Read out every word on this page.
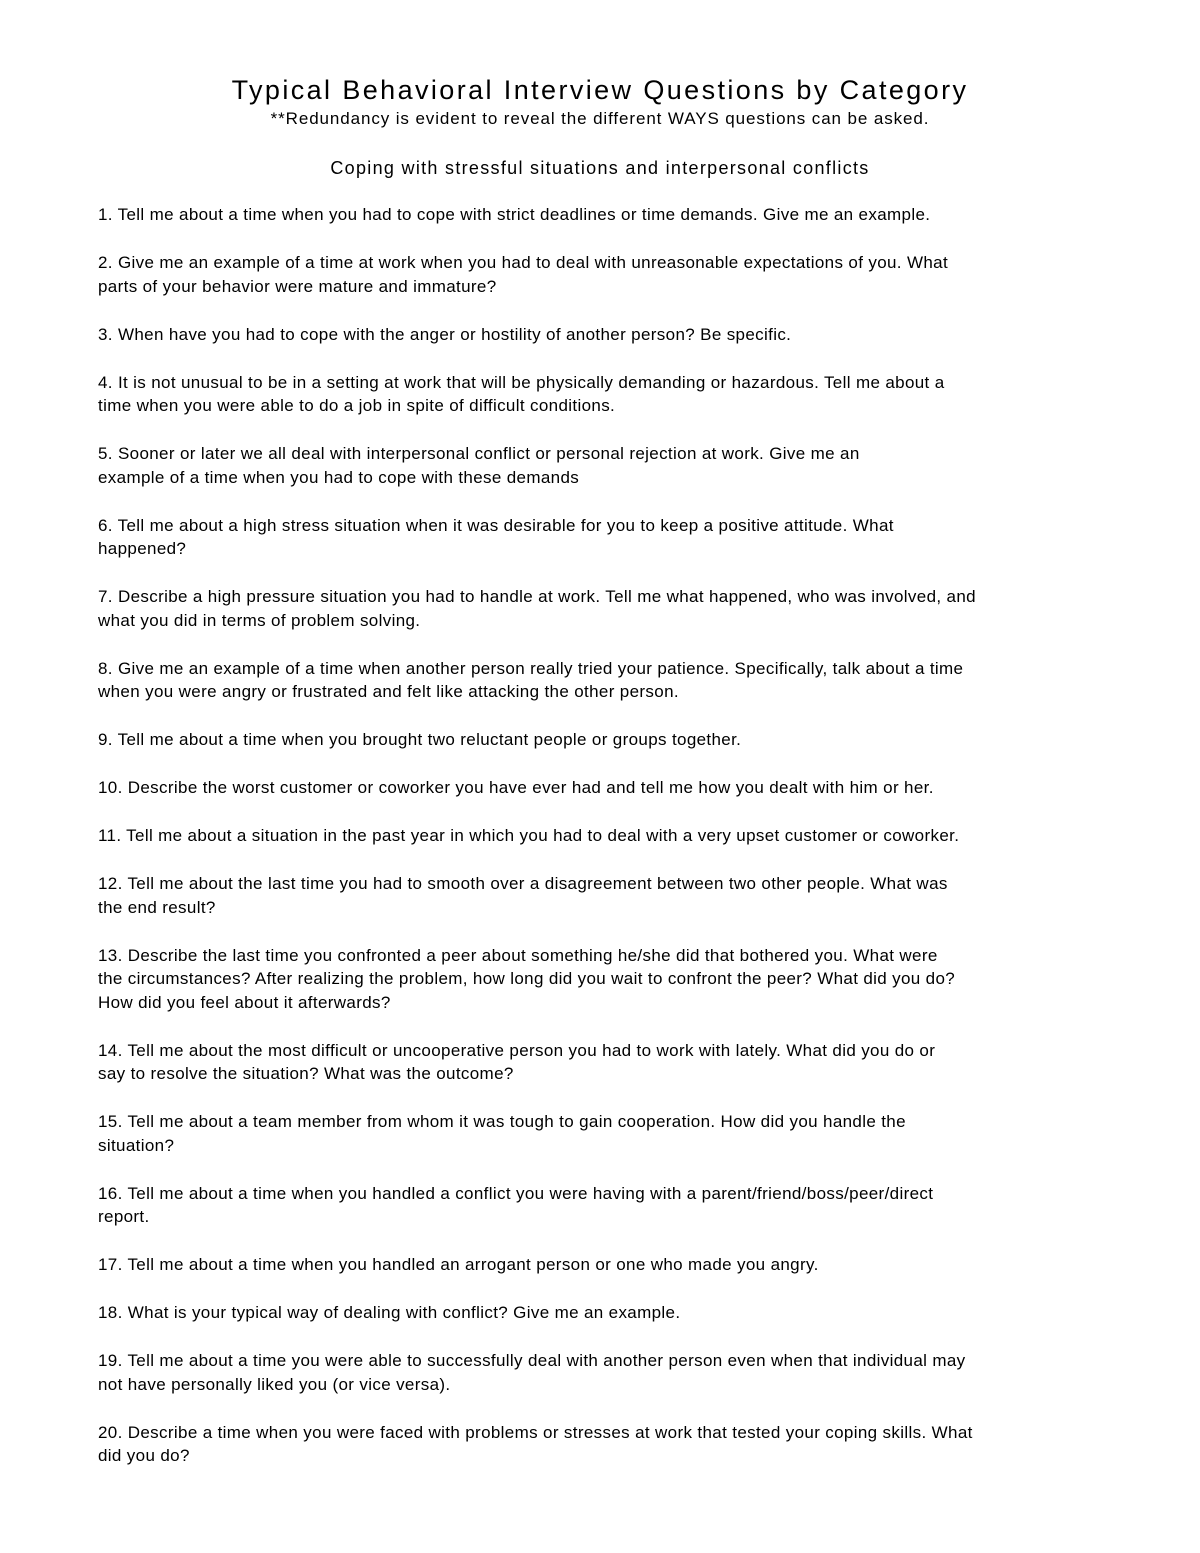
Typical Behavioral Interview Questions by Category

**Redundancy is evident to reveal the different WAYS questions can be asked.

Coping with stressful situations and interpersonal conflicts
1. Tell me about a time when you had to cope with strict deadlines or time demands. Give me an example.
2. Give me an example of a time at work when you had to deal with unreasonable expectations of you. What
parts of your behavior were mature and immature?
3. When have you had to cope with the anger or hostility of another person? Be specific.
4. It is not unusual to be in a setting at work that will be physically demanding or hazardous. Tell me about a
time when you were able to do a job in spite of difficult conditions.
5. Sooner or later we all deal with interpersonal conflict or personal rejection at work. Give me an
example of a time when you had to cope with these demands
6. Tell me about a high stress situation when it was desirable for you to keep a positive attitude. What
happened?
7. Describe a high pressure situation you had to handle at work. Tell me what happened, who was involved, and
what you did in terms of problem solving.
8. Give me an example of a time when another person really tried your patience. Specifically, talk about a time
when you were angry or frustrated and felt like attacking the other person.
9. Tell me about a time when you brought two reluctant people or groups together.
10. Describe the worst customer or coworker you have ever had and tell me how you dealt with him or her.
11. Tell me about a situation in the past year in which you had to deal with a very upset customer or coworker.
12. Tell me about the last time you had to smooth over a disagreement between two other people. What was
the end result?
13. Describe the last time you confronted a peer about something he/she did that bothered you. What were
the circumstances? After realizing the problem, how long did you wait to confront the peer? What did you do?
How did you feel about it afterwards?
14. Tell me about the most difficult or uncooperative person you had to work with lately. What did you do or
say to resolve the situation? What was the outcome?
15. Tell me about a team member from whom it was tough to gain cooperation. How did you handle the
situation?
16. Tell me about a time when you handled a conflict you were having with a parent/friend/boss/peer/direct
report.
17. Tell me about a time when you handled an arrogant person or one who made you angry.
18. What is your typical way of dealing with conflict? Give me an example.
19. Tell me about a time you were able to successfully deal with another person even when that individual may
not have personally liked you (or vice versa).
20. Describe a time when you were faced with problems or stresses at work that tested your coping skills. What
did you do?
